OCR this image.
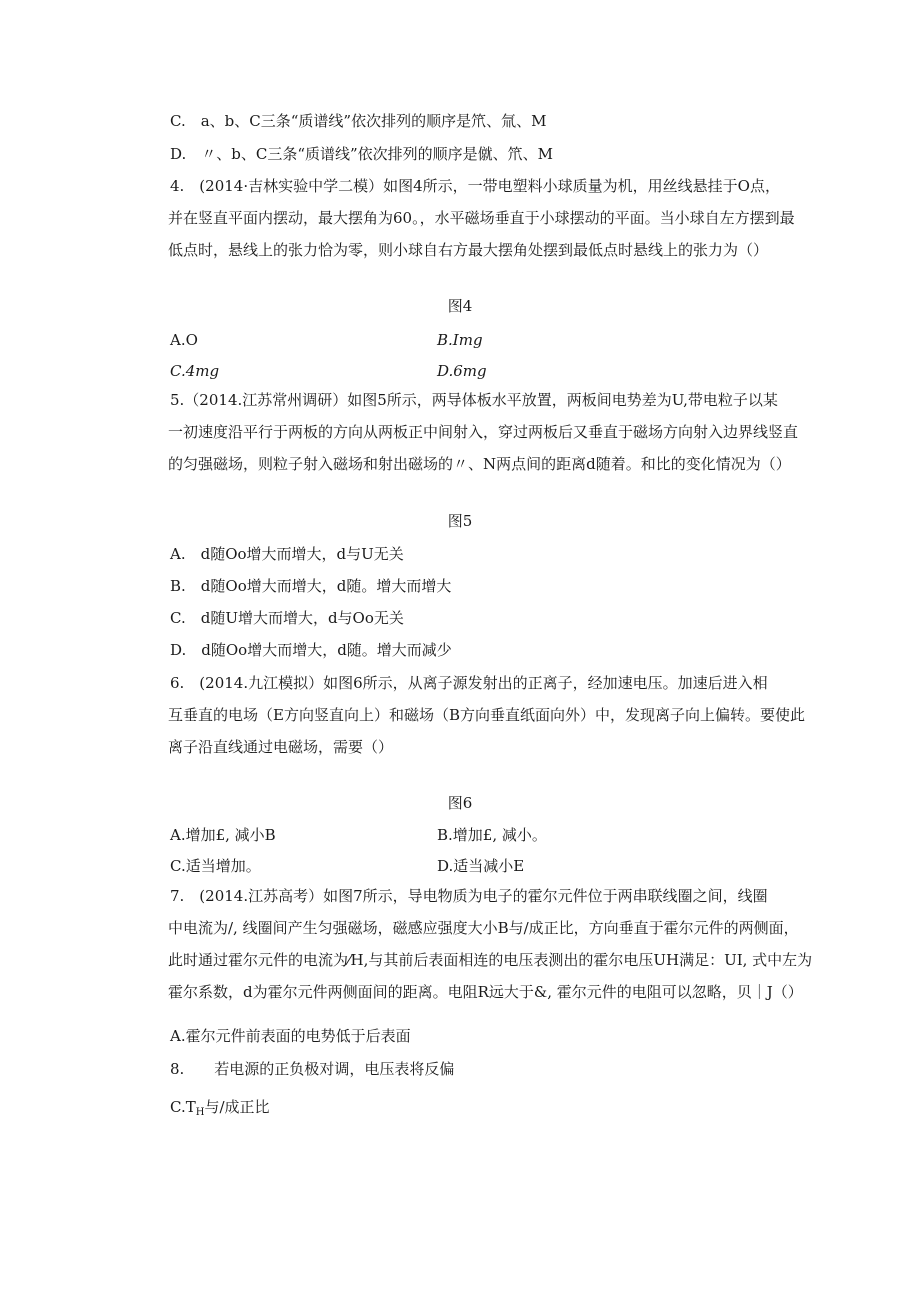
C.　a、b、C三条“质谱线”依次排列的顺序是笊、氚、M
D.　〃、b、C三条“质谱线”依次排列的顺序是僦、笊、M
4.　(2014·吉林实验中学二模）如图4所示，一带电塑料小球质量为机，用丝线悬挂于O点，
并在竖直平面内摆动，最大摆角为60。，水平磁场垂直于小球摆动的平面。当小球自左方摆到最
低点时，悬线上的张力恰为零，则小球自右方最大摆角处摆到最低点时悬线上的张力为（）
图4
A.O	B.Img
C.4mg	D.6mg
5.（2014.江苏常州调研）如图5所示，两导体板水平放置，两板间电势差为U,带电粒子以某
一初速度沿平行于两板的方向从两板正中间射入，穿过两板后又垂直于磁场方向射入边界线竖直
的匀强磁场，则粒子射入磁场和射出磁场的〃、N两点间的距离d随着。和比的变化情况为（）
图5
A.　d随Oo增大而增大，d与U无关
B.　d随Oo增大而增大，d随。增大而增大
C.　d随U增大而增大，d与Oo无关
D.　d随Oo增大而增大，d随。增大而减少
6.　(2014.九江模拟）如图6所示，从离子源发射出的正离子，经加速电压。加速后进入相
互垂直的电场（E方向竖直向上）和磁场（B方向垂直纸面向外）中，发现离子向上偏转。要使此
离子沿直线通过电磁场，需要（）
图6
A.增加£, 减小B	B.增加£, 减小。
C.适当增加。	D.适当减小E
7.　(2014.江苏高考）如图7所示，导电物质为电子的霍尔元件位于两串联线圈之间，线圈
中电流为/, 线圈间产生匀强磁场，磁感应强度大小B与/成正比，方向垂直于霍尔元件的两侧面，
此时通过霍尔元件的电流为⁄H,与其前后表面相连的电压表测出的霍尔电压UH满足：UI, 式中左为
霍尔系数，d为霍尔元件两侧面间的距离。电阻R远大于&, 霍尔元件的电阻可以忽略，贝｜J（）
A.霍尔元件前表面的电势低于后表面
8.　　若电源的正负极对调，电压表将反偏
$C.T_H$与/成正比
